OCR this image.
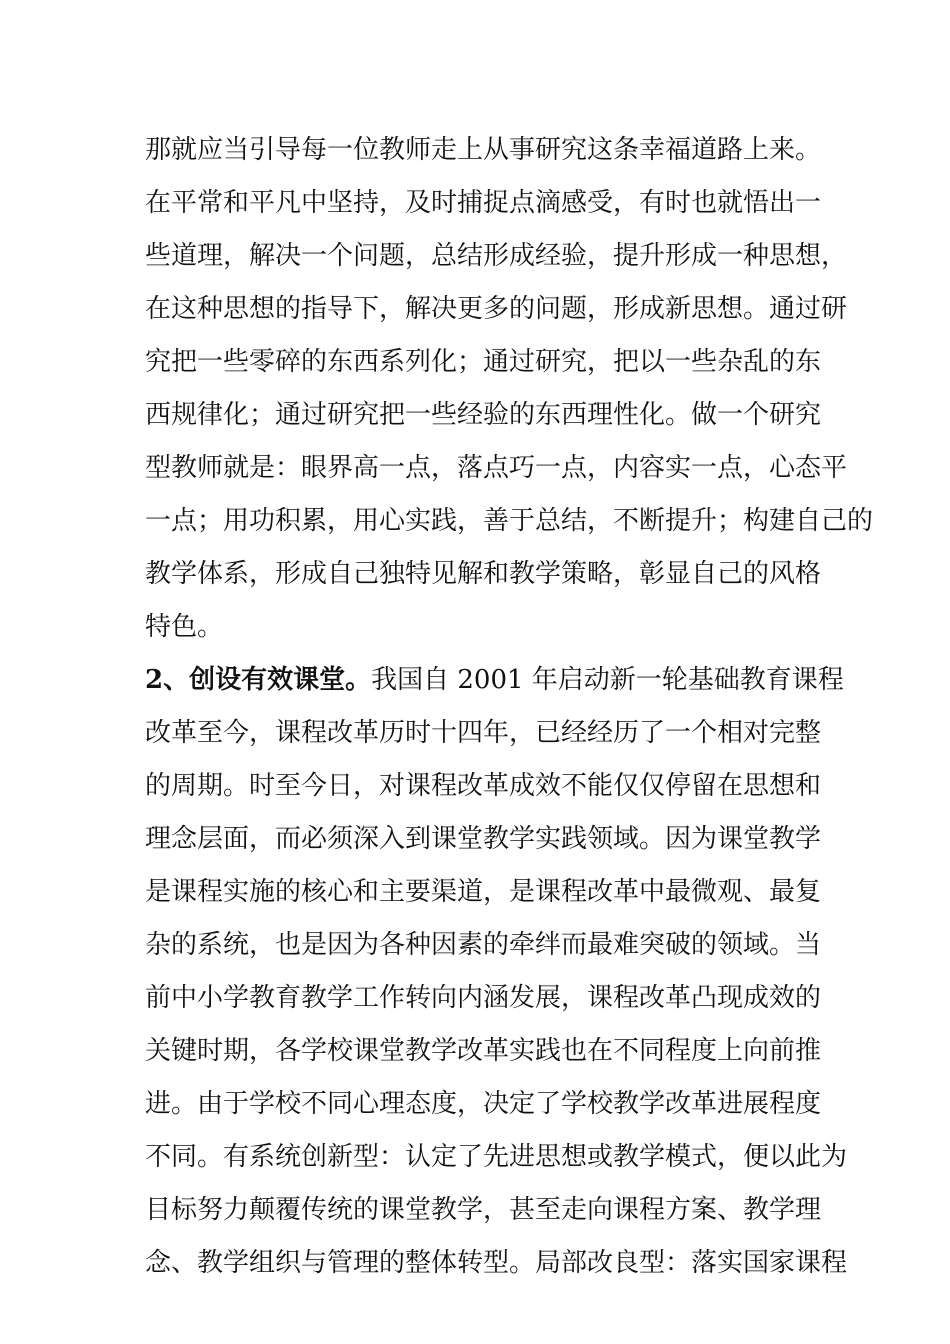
那就应当引导每一位教师走上从事研究这条幸福道路上来。
在平常和平凡中坚持，及时捕捉点滴感受，有时也就悟出一
些道理，解决一个问题，总结形成经验，提升形成一种思想，
在这种思想的指导下，解决更多的问题，形成新思想。通过研
究把一些零碎的东西系列化；通过研究，把以一些杂乱的东
西规律化；通过研究把一些经验的东西理性化。做一个研究
型教师就是：眼界高一点，落点巧一点，内容实一点，心态平
一点；用功积累，用心实践，善于总结，不断提升；构建自己的
教学体系，形成自己独特见解和教学策略，彰显自己的风格
特色。
2、创设有效课堂。我国自 2001 年启动新一轮基础教育课程
改革至今，课程改革历时十四年，已经经历了一个相对完整
的周期。时至今日，对课程改革成效不能仅仅停留在思想和
理念层面，而必须深入到课堂教学实践领域。因为课堂教学
是课程实施的核心和主要渠道，是课程改革中最微观、最复
杂的系统，也是因为各种因素的牵绊而最难突破的领域。当
前中小学教育教学工作转向内涵发展，课程改革凸现成效的
关键时期，各学校课堂教学改革实践也在不同程度上向前推
进。由于学校不同心理态度，决定了学校教学改革进展程度
不同。有系统创新型：认定了先进思想或教学模式，便以此为
目标努力颠覆传统的课堂教学，甚至走向课程方案、教学理
念、教学组织与管理的整体转型。局部改良型：落实国家课程
